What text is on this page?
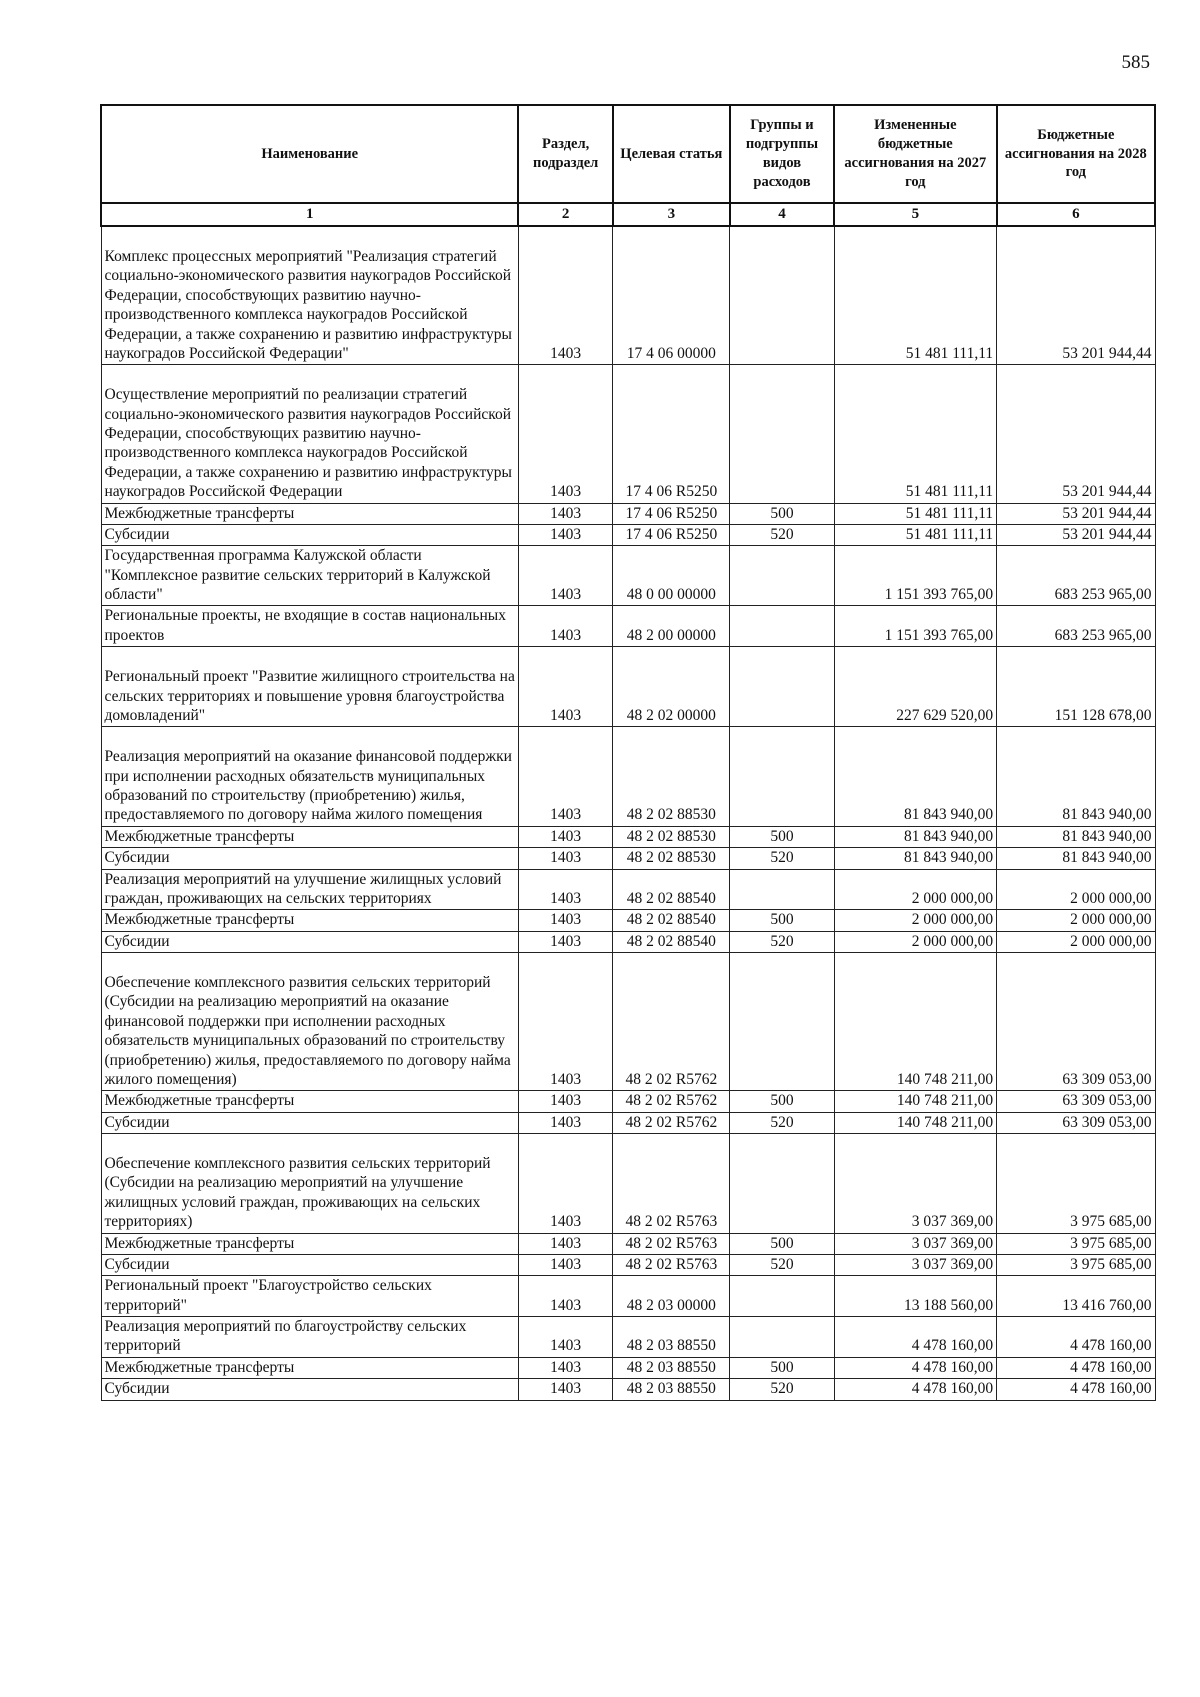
585
Наименование	Раздел, подраздел	Целевая статья	Группы и подгруппы видов расходов	Измененные бюджетные ассигнования на 2027 год	Бюджетные ассигнования на 2028 год
1	2	3	4	5	6
Комплекс процессных мероприятий "Реализация стратегий социально-экономического развития наукоградов Российской Федерации, способствующих развитию научно-производственного комплекса наукоградов Российской Федерации, а также сохранению и развитию инфраструктуры наукоградов Российской Федерации"	1403	17 4 06 00000		51 481 111,11	53 201 944,44
Осуществление мероприятий по реализации стратегий социально-экономического развития наукоградов Российской Федерации, способствующих развитию научно-производственного комплекса наукоградов Российской Федерации, а также сохранению и развитию инфраструктуры наукоградов Российской Федерации	1403	17 4 06 R5250		51 481 111,11	53 201 944,44
Межбюджетные трансферты	1403	17 4 06 R5250	500	51 481 111,11	53 201 944,44
Субсидии	1403	17 4 06 R5250	520	51 481 111,11	53 201 944,44
Государственная программа Калужской области "Комплексное развитие сельских территорий в Калужской области"	1403	48 0 00 00000		1 151 393 765,00	683 253 965,00
Региональные проекты, не входящие в состав национальных проектов	1403	48 2 00 00000		1 151 393 765,00	683 253 965,00
Региональный проект "Развитие жилищного строительства на сельских территориях и повышение уровня благоустройства домовладений"	1403	48 2 02 00000		227 629 520,00	151 128 678,00
Реализация мероприятий на оказание финансовой поддержки при исполнении расходных обязательств муниципальных образований по строительству (приобретению) жилья, предоставляемого по договору найма жилого помещения	1403	48 2 02 88530		81 843 940,00	81 843 940,00
Межбюджетные трансферты	1403	48 2 02 88530	500	81 843 940,00	81 843 940,00
Субсидии	1403	48 2 02 88530	520	81 843 940,00	81 843 940,00
Реализация мероприятий на улучшение жилищных условий граждан, проживающих на сельских территориях	1403	48 2 02 88540		2 000 000,00	2 000 000,00
Межбюджетные трансферты	1403	48 2 02 88540	500	2 000 000,00	2 000 000,00
Субсидии	1403	48 2 02 88540	520	2 000 000,00	2 000 000,00
Обеспечение комплексного развития сельских территорий (Субсидии на реализацию мероприятий на оказание финансовой поддержки при исполнении расходных обязательств муниципальных образований по строительству (приобретению) жилья, предоставляемого по договору найма жилого помещения)	1403	48 2 02 R5762		140 748 211,00	63 309 053,00
Межбюджетные трансферты	1403	48 2 02 R5762	500	140 748 211,00	63 309 053,00
Субсидии	1403	48 2 02 R5762	520	140 748 211,00	63 309 053,00
Обеспечение комплексного развития сельских территорий (Субсидии на реализацию мероприятий на улучшение жилищных условий граждан, проживающих на сельских территориях)	1403	48 2 02 R5763		3 037 369,00	3 975 685,00
Межбюджетные трансферты	1403	48 2 02 R5763	500	3 037 369,00	3 975 685,00
Субсидии	1403	48 2 02 R5763	520	3 037 369,00	3 975 685,00
Региональный проект "Благоустройство сельских территорий"	1403	48 2 03 00000		13 188 560,00	13 416 760,00
Реализация мероприятий по благоустройству сельских территорий	1403	48 2 03 88550		4 478 160,00	4 478 160,00
Межбюджетные трансферты	1403	48 2 03 88550	500	4 478 160,00	4 478 160,00
Субсидии	1403	48 2 03 88550	520	4 478 160,00	4 478 160,00
